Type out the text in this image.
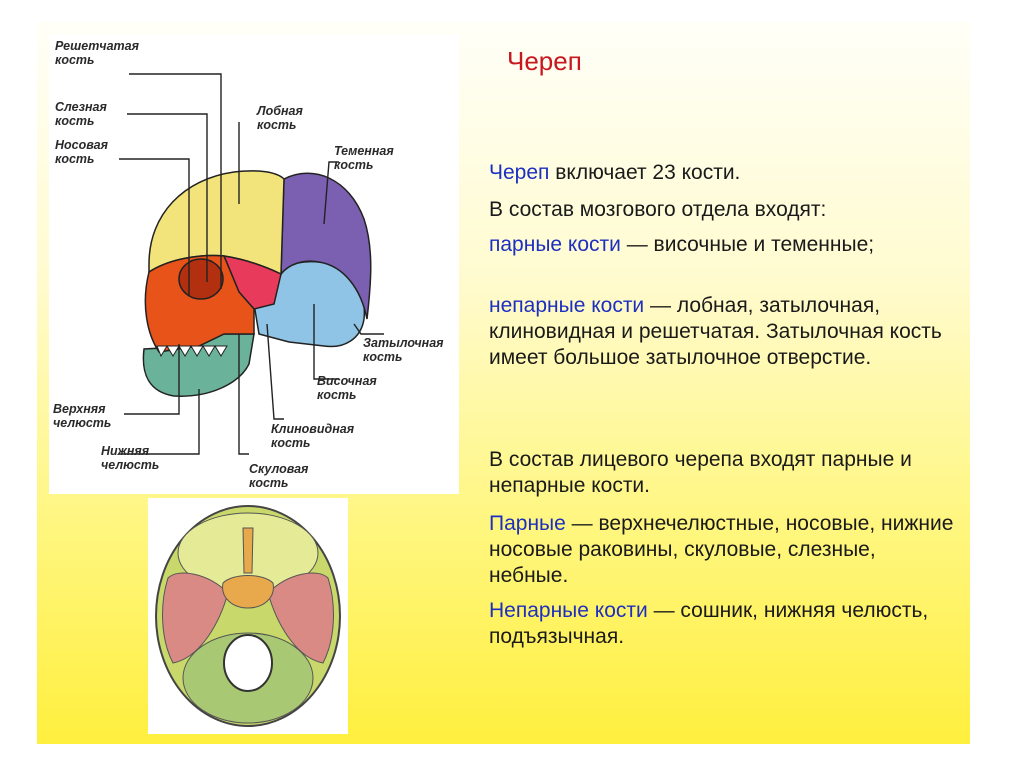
Решетчатая
кость
Слезная
кость
Носовая
кость
Лобная
кость
Теменная
кость
Затылочная
кость
Височная
кость
Верхняя
челюсть	Клиновидная
кость
Нижняя
челюсть	Скуловая
кость
Череп
Череп включает 23 кости.
В состав мозгового отдела входят:
парные кости — височные и теменные;
непарные кости — лобная, затылочная, клиновидная и решетчатая. Затылочная кость имеет большое затылочное отверстие.
В состав лицевого черепа входят парные и непарные кости.
Парные — верхнечелюстные, носовые, нижние носовые раковины, скуловые, слезные, небные.
Непарные кости — сошник, нижняя челюсть, подъязычная.
